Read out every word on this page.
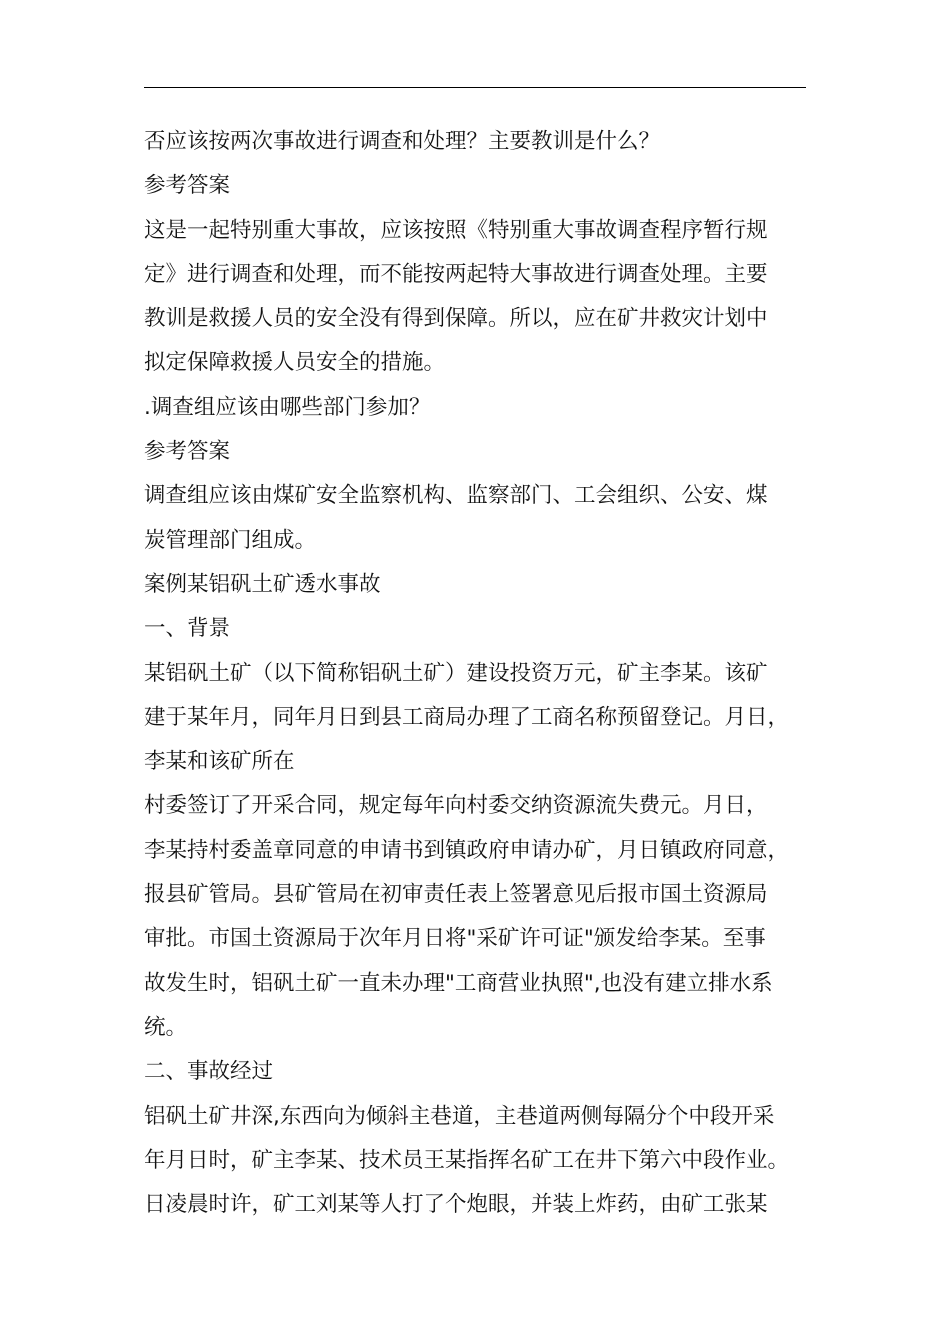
否应该按两次事故进行调查和处理？主要教训是什么？
参考答案
这是一起特别重大事故，应该按照《特别重大事故调查程序暂行规
定》进行调查和处理，而不能按两起特大事故进行调查处理。主要
教训是救援人员的安全没有得到保障。所以，应在矿井救灾计划中
拟定保障救援人员安全的措施。
.调查组应该由哪些部门参加？
参考答案
调查组应该由煤矿安全监察机构、监察部门、工会组织、公安、煤
炭管理部门组成。
案例某铝矾土矿透水事故
一、背景
某铝矾土矿（以下简称铝矾土矿）建设投资万元，矿主李某。该矿
建于某年月，同年月日到县工商局办理了工商名称预留登记。月日，
李某和该矿所在
村委签订了开采合同，规定每年向村委交纳资源流失费元。月日，
李某持村委盖章同意的申请书到镇政府申请办矿，月日镇政府同意，
报县矿管局。县矿管局在初审责任表上签署意见后报市国土资源局
审批。市国土资源局于次年月日将"采矿许可证"颁发给李某。至事
故发生时，铝矾土矿一直未办理"工商营业执照",也没有建立排水系
统。
二、事故经过
铝矾土矿井深,东西向为倾斜主巷道，主巷道两侧每隔分个中段开采
年月日时，矿主李某、技术员王某指挥名矿工在井下第六中段作业。
日凌晨时许，矿工刘某等人打了个炮眼，并装上炸药，由矿工张某
